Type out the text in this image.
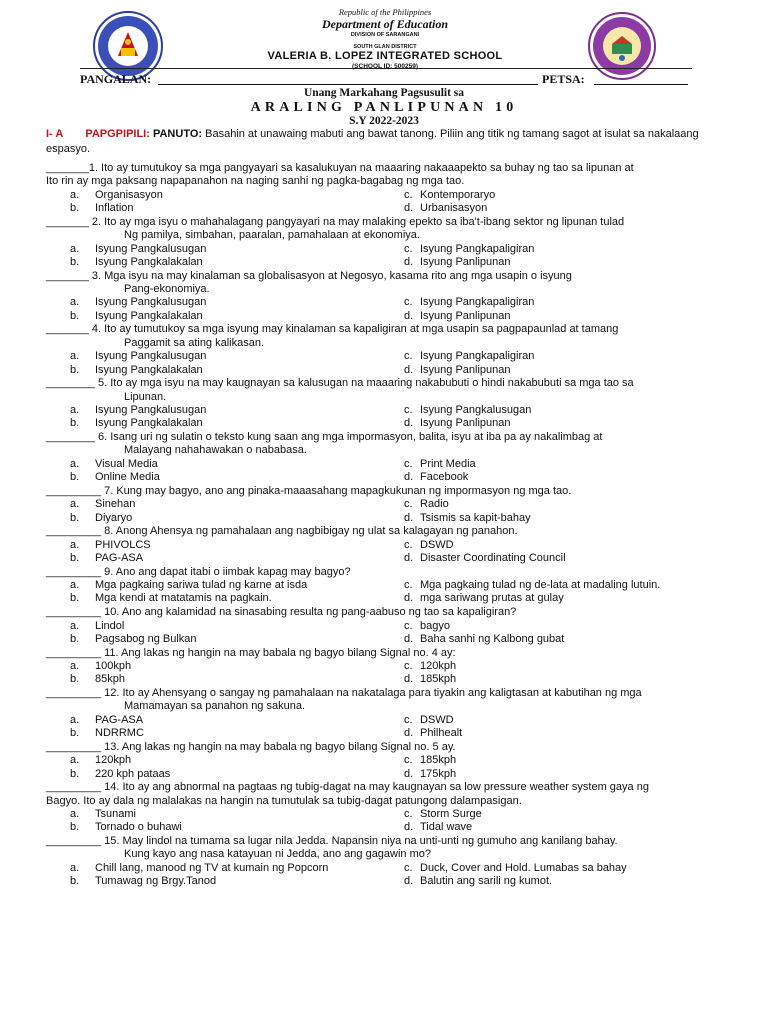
Republic of the Philippines
Department of Education
DIVISION OF SARANGANI
SOUTH GLAN DISTRICT
VALERIA B. LOPEZ INTEGRATED SCHOOL
(SCHOOL ID: 500259)
PANGALAN:	PETSA:
Unang Markahang Pagsusulit sa
ARALING PANLIPUNAN 10
S.Y 2022-2023
I- A PAPGPIPILI: PANUTO: Basahin at unawaing mabuti ang bawat tanong. Piliin ang titik ng tamang sagot at isulat sa nakalaang espasyo.
_______1. Ito ay tumutukoy sa mga pangyayari sa kasalukuyan na maaaring nakaaapekto sa buhay ng tao sa lipunan at
Ito rin ay mga paksang napapanahon na naging sanhi ng pagka-bagabag ng mga tao.
a. Organisasyon
b. Inflation
c. Kontemporaryo
d. Urbanisasyon
_______ 2. Ito ay mga isyu o mahahalagang pangyayari na may malaking epekto sa iba't-ibang sektor ng lipunan tulad
Ng pamilya, simbahan, paaralan, pamahalaan at ekonomiya.
a. Isyung Pangkalusugan
b. Isyung Pangkalakalan
c. Isyung Pangkapaligiran
d. Isyung Panlipunan
_______ 3. Mga isyu na may kinalaman sa globalisasyon at Negosyo, kasama rito ang mga usapin o isyung
Pang-ekonomiya.
a. Isyung Pangkalusugan
b. Isyung Pangkalakalan
c. Isyung Pangkapaligiran
d. Isyung Panlipunan
_______ 4. Ito ay tumutukoy sa mga isyung may kinalaman sa kapaligiran at mga usapin sa pagpapaunlad at tamang
Paggamit sa ating kalikasan.
a. Isyung Pangkalusugan
b. Isyung Pangkalakalan
c. Isyung Pangkapaligiran
d. Isyung Panlipunan
________ 5. Ito ay mga isyu na may kaugnayan sa kalusugan na maaaring nakabubuti o hindi nakabubuti sa mga tao sa
Lipunan.
a. Isyung Pangkalusugan
b. Isyung Pangkalakalan
c. Isyung Pangkalusugan
d. Isyung Panlipunan
________ 6. Isang uri ng sulatin o teksto kung saan ang mga impormasyon, balita, isyu at iba pa ay nakalimbag at
Malayang nahahawakan o nababasa.
a. Visual Media
b. Online Media
c. Print Media
d. Facebook
_________ 7. Kung may bagyo, ano ang pinaka-maaasahang mapagkukunan ng impormasyon ng mga tao.
a. Sinehan
b. Diyaryo
c. Radio
d. Tsismis sa kapit-bahay
_________ 8. Anong Ahensya ng pamahalaan ang nagbibigay ng ulat sa kalagayan ng panahon.
a. PHIVOLCS
b. PAG-ASA
c. DSWD
d. Disaster Coordinating Council
_________ 9. Ano ang dapat itabi o iimbak kapag may bagyo?
a. Mga pagkaing sariwa tulad ng karne at isda
b. Mga kendi at matatamis na pagkain.
c. Mga pagkaing tulad ng de-lata at madaling lutuin.
d. mga sariwang prutas at gulay
_________ 10. Ano ang kalamidad na sinasabing resulta ng pang-aabuso ng tao sa kapaligiran?
a. Lindol
b. Pagsabog ng Bulkan
c. bagyo
d. Baha sanhi ng Kalbong gubat
_________ 11. Ang lakas ng hangin na may babala ng bagyo bilang Signal no. 4 ay:
a. 100kph
b. 85kph
c. 120kph
d. 185kph
_________ 12. Ito ay Ahensyang o sangay ng pamahalaan na nakatalaga para tiyakin ang kaligtasan at kabutihan ng mga
Mamamayan sa panahon ng sakuna.
a. PAG-ASA
b. NDRRMC
c. DSWD
d. Philhealt
_________ 13. Ang lakas ng hangin na may babala ng bagyo bilang Signal no. 5 ay.
a. 120kph
b. 220 kph pataas
c. 185kph
d. 175kph
_________ 14. Ito ay ang abnormal na pagtaas ng tubig-dagat na may kaugnayan sa low pressure weather system gaya ng
Bagyo. Ito ay dala ng malalakas na hangin na tumutulak sa tubig-dagat patungong dalampasigan.
a. Tsunami
b. Tornado o buhawi
c. Storm Surge
d. Tidal wave
_________ 15. May lindol na tumama sa lugar nila Jedda. Napansin niya na unti-unti ng gumuho ang kanilang bahay.
Kung kayo ang nasa katayuan ni Jedda, ano ang gagawin mo?
a. Chill lang, manood ng TV at kumain ng Popcorn
b. Tumawag ng Brgy.Tanod
c. Duck, Cover and Hold. Lumabas sa bahay
d. Balutin ang sarili ng kumot.
